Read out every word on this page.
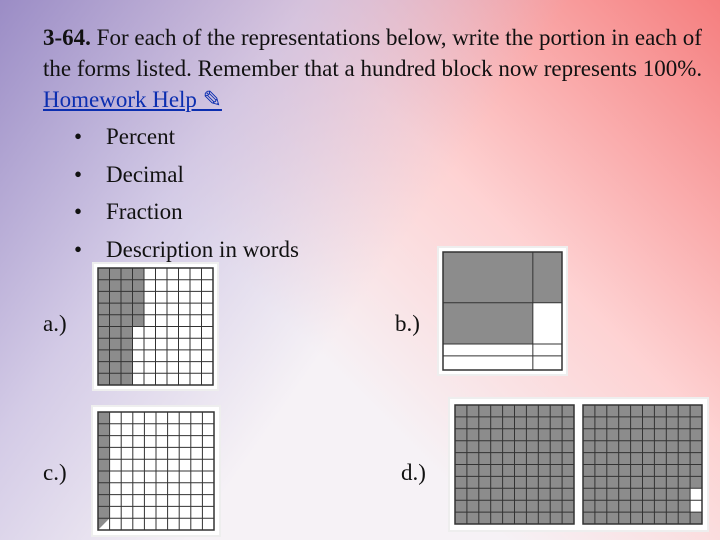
3-64. For each of the representations below, write the portion in each of the forms listed. Remember that a hundred block now represents 100%. Homework Help ✎

• Percent
• Decimal
• Fraction
• Description in words
a.)	b.)
c.)	d.)
